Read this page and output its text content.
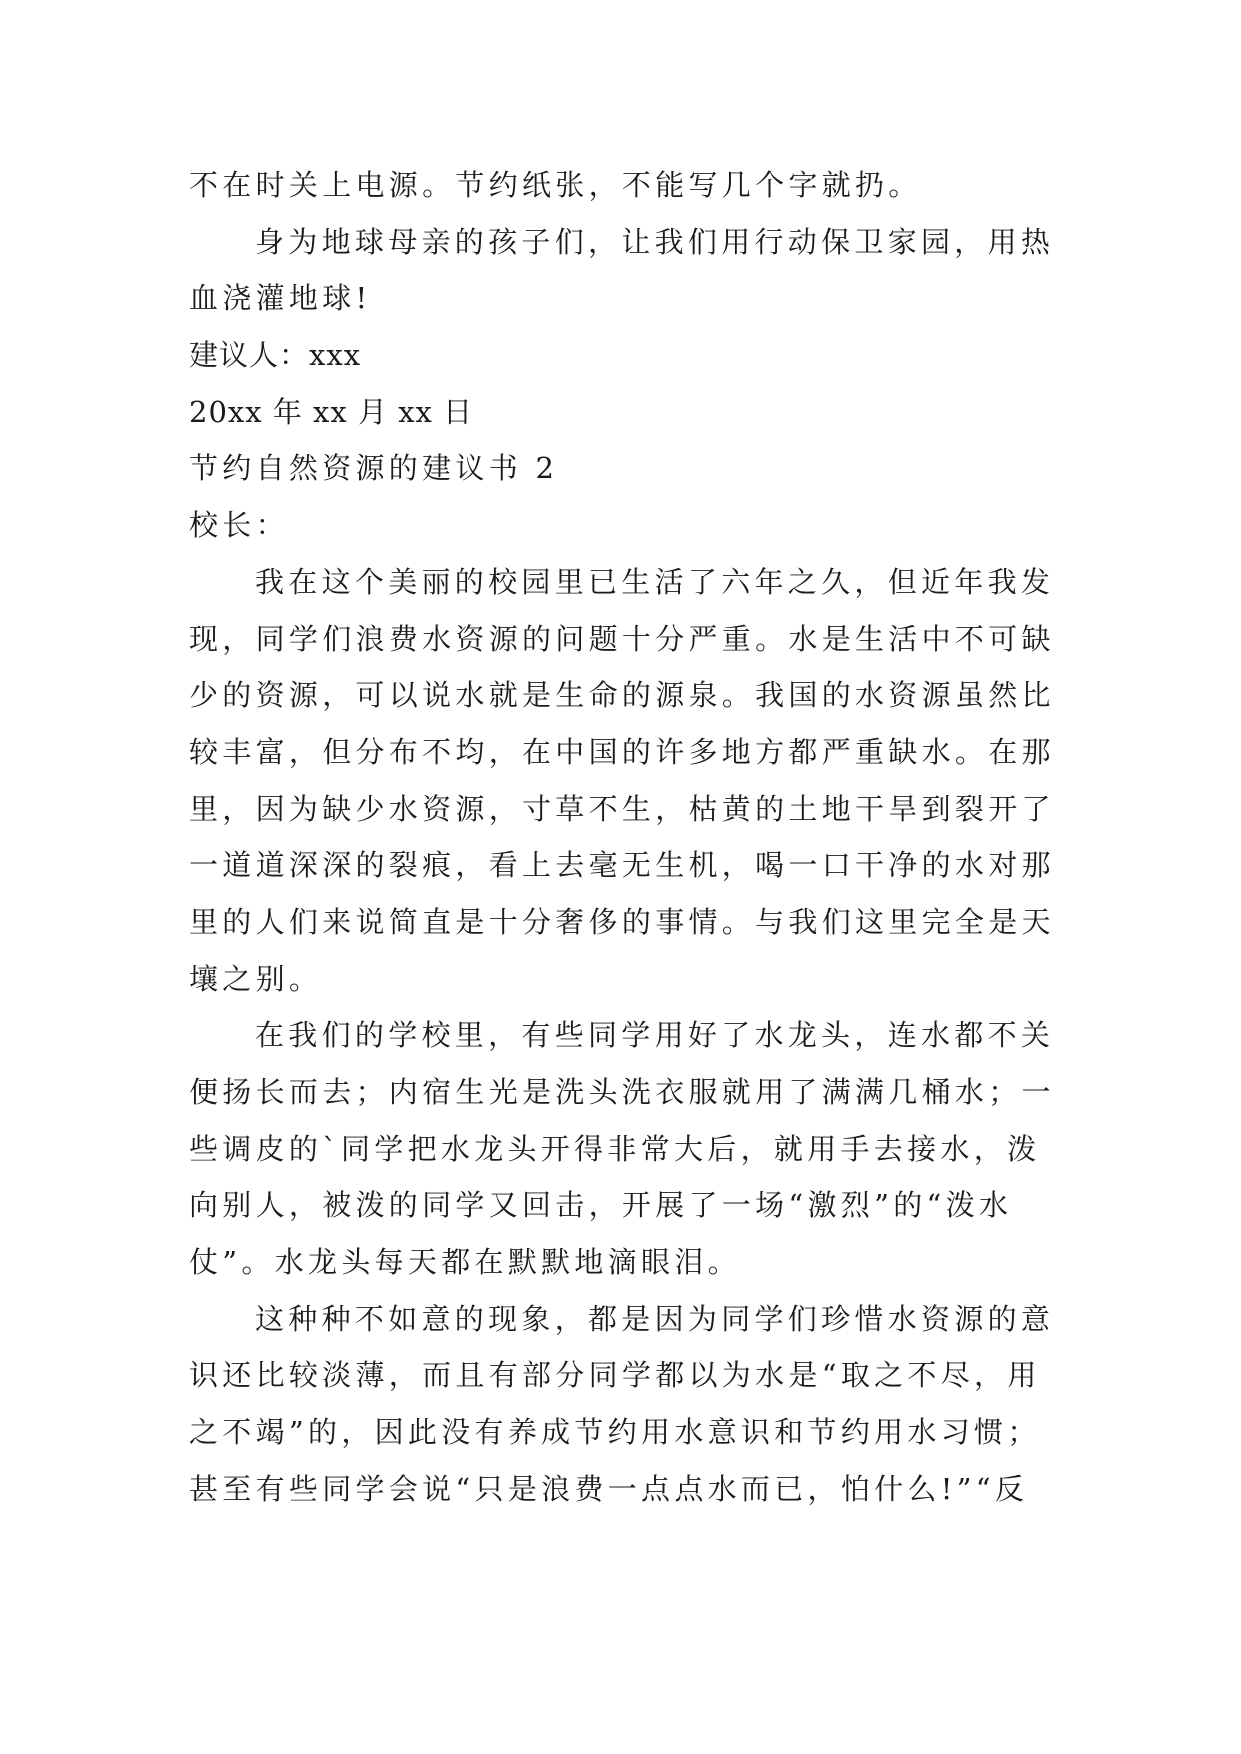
不在时关上电源。节约纸张，不能写几个字就扔。

身为地球母亲的孩子们，让我们用行动保卫家园，用热

血浇灌地球!

建议人：xxx

20xx 年 xx 月 xx 日

节约自然资源的建议书 2

校长：

我在这个美丽的校园里已生活了六年之久，但近年我发

现，同学们浪费水资源的问题十分严重。水是生活中不可缺

少的资源，可以说水就是生命的源泉。我国的水资源虽然比

较丰富，但分布不均，在中国的许多地方都严重缺水。在那

里，因为缺少水资源，寸草不生，枯黄的土地干旱到裂开了

一道道深深的裂痕，看上去毫无生机，喝一口干净的水对那

里的人们来说简直是十分奢侈的事情。与我们这里完全是天

壤之别。

在我们的学校里，有些同学用好了水龙头，连水都不关

便扬长而去；内宿生光是洗头洗衣服就用了满满几桶水；一

些调皮的`同学把水龙头开得非常大后，就用手去接水，泼

向别人，被泼的同学又回击，开展了一场“激烈”的“泼水

仗”。水龙头每天都在默默地滴眼泪。

这种种不如意的现象，都是因为同学们珍惜水资源的意

识还比较淡薄，而且有部分同学都以为水是“取之不尽，用

之不竭”的，因此没有养成节约用水意识和节约用水习惯；

甚至有些同学会说“只是浪费一点点水而已，怕什么!”“反
